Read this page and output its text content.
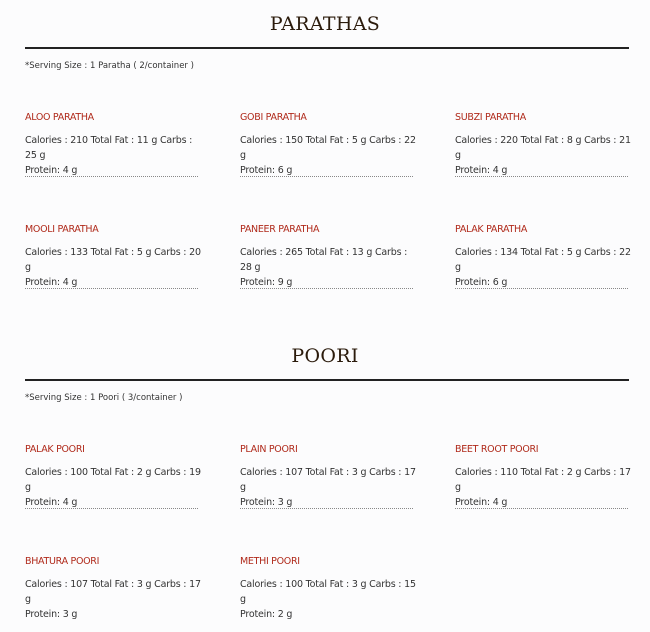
PARATHAS
*Serving Size : 1 Paratha ( 2/container )
ALOO PARATHA
Calories : 210 Total Fat : 11 g Carbs : 25 g
Protein: 4 g
GOBI PARATHA
Calories : 150 Total Fat : 5 g Carbs : 22 g
Protein: 6 g
SUBZI PARATHA
Calories : 220 Total Fat : 8 g Carbs : 21 g
Protein: 4 g
MOOLI PARATHA
Calories : 133 Total Fat : 5 g Carbs : 20 g
Protein: 4 g
PANEER PARATHA
Calories : 265 Total Fat : 13 g Carbs : 28 g
Protein: 9 g
PALAK PARATHA
Calories : 134 Total Fat : 5 g Carbs : 22 g
Protein: 6 g
POORI
*Serving Size : 1 Poori ( 3/container )
PALAK POORI
Calories : 100 Total Fat : 2 g Carbs : 19 g
Protein: 4 g
PLAIN POORI
Calories : 107 Total Fat : 3 g Carbs : 17 g
Protein: 3 g
BEET ROOT POORI
Calories : 110 Total Fat : 2 g Carbs : 17 g
Protein: 4 g
BHATURA POORI
Calories : 107 Total Fat : 3 g Carbs : 17 g
Protein: 3 g
METHI POORI
Calories : 100 Total Fat : 3 g Carbs : 15 g
Protein: 2 g
